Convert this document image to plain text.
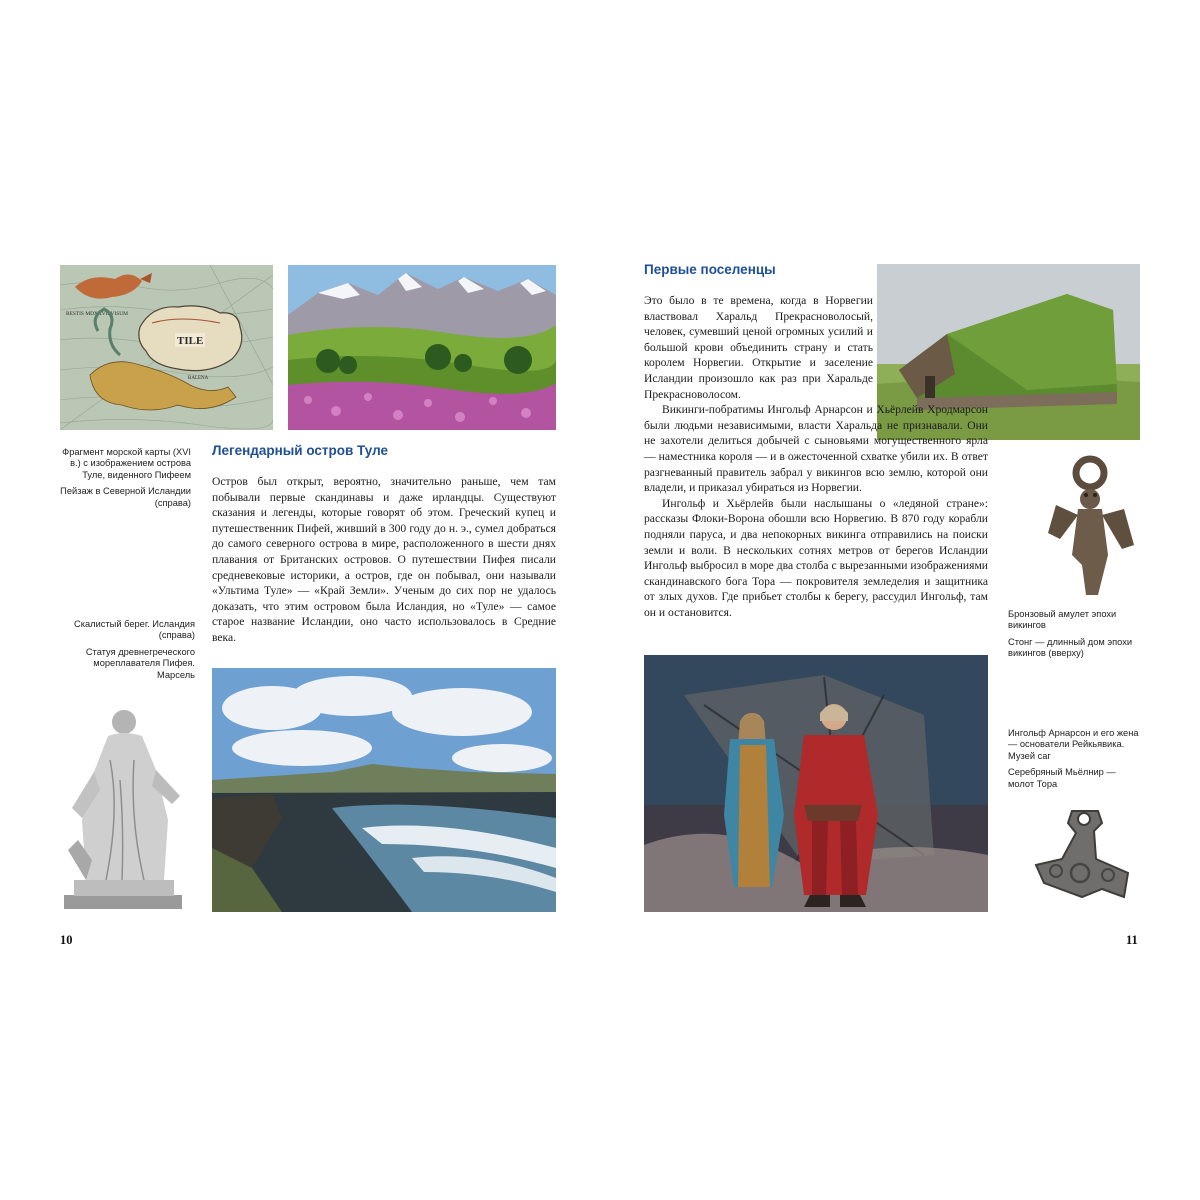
TILE
RESTIS MDXXVII VISUM
BALENA
Фрагмент морской карты (XVI в.) с изображением острова Туле, виденного Пифеем
Пейзаж в Северной Исландии (справа)
Легендарный остров Туле

Остров был открыт, вероятно, значительно раньше, чем там побывали первые скандинавы и даже ирландцы. Существуют сказания и легенды, которые говорят об этом. Греческий купец и путешественник Пифей, живший в 300 году до н. э., сумел добраться до самого северного острова в мире, расположенного в шести днях плавания от Британских островов. О путешествии Пифея писали средневековые историки, а остров, где он побывал, они называли «Ультима Туле» — «Край Земли». Ученым до сих пор не удалось доказать, что этим островом была Исландия, но «Туле» — самое старое название Исландии, оно часто использовалось в Средние века.

Скалистый берег. Исландия (справа)
Статуя древнегреческого мореплавателя Пифея. Марсель
10
Первые поселенцы

Это было в те времена, когда в Норвегии властвовал Харальд Прекрасноволосый, человек, сумевший ценой огромных усилий и большой крови объединить страну и стать королем Норвегии. Открытие и заселение Исландии произошло как раз при Харальде Прекрасноволосом.

Викинги-побратимы Ингольф Арнарсон и Хьёрлейв Хродмарсон были людьми независимыми, власти Харальда не признавали. Они не захотели делиться добычей с сыновьями могущественного ярла — наместника короля — и в ожесточенной схватке убили их. В ответ разгневанный правитель забрал у викингов всю землю, которой они владели, и приказал убираться из Норвегии.

Ингольф и Хьёрлейв были наслышаны о «ледяной стране»: рассказы Флоки-Ворона обошли всю Норвегию. В 870 году корабли подняли паруса, и два непокорных викинга отправились на поиски земли и воли. В нескольких сотнях метров от берегов Исландии Ингольф выбросил в море два столба с вырезанными изображениями скандинавского бога Тора — покровителя земледелия и защитника от злых духов. Где прибьет столбы к берегу, рассудил Ингольф, там он и остановится.	Бронзовый амулет эпохи викингов
Стонг — длинный дом эпохи викингов (вверху)
Ингольф Арнарсон и его жена — основатели Рейкьявика. Музей саг
Серебряный Мьёлнир — молот Тора
11
